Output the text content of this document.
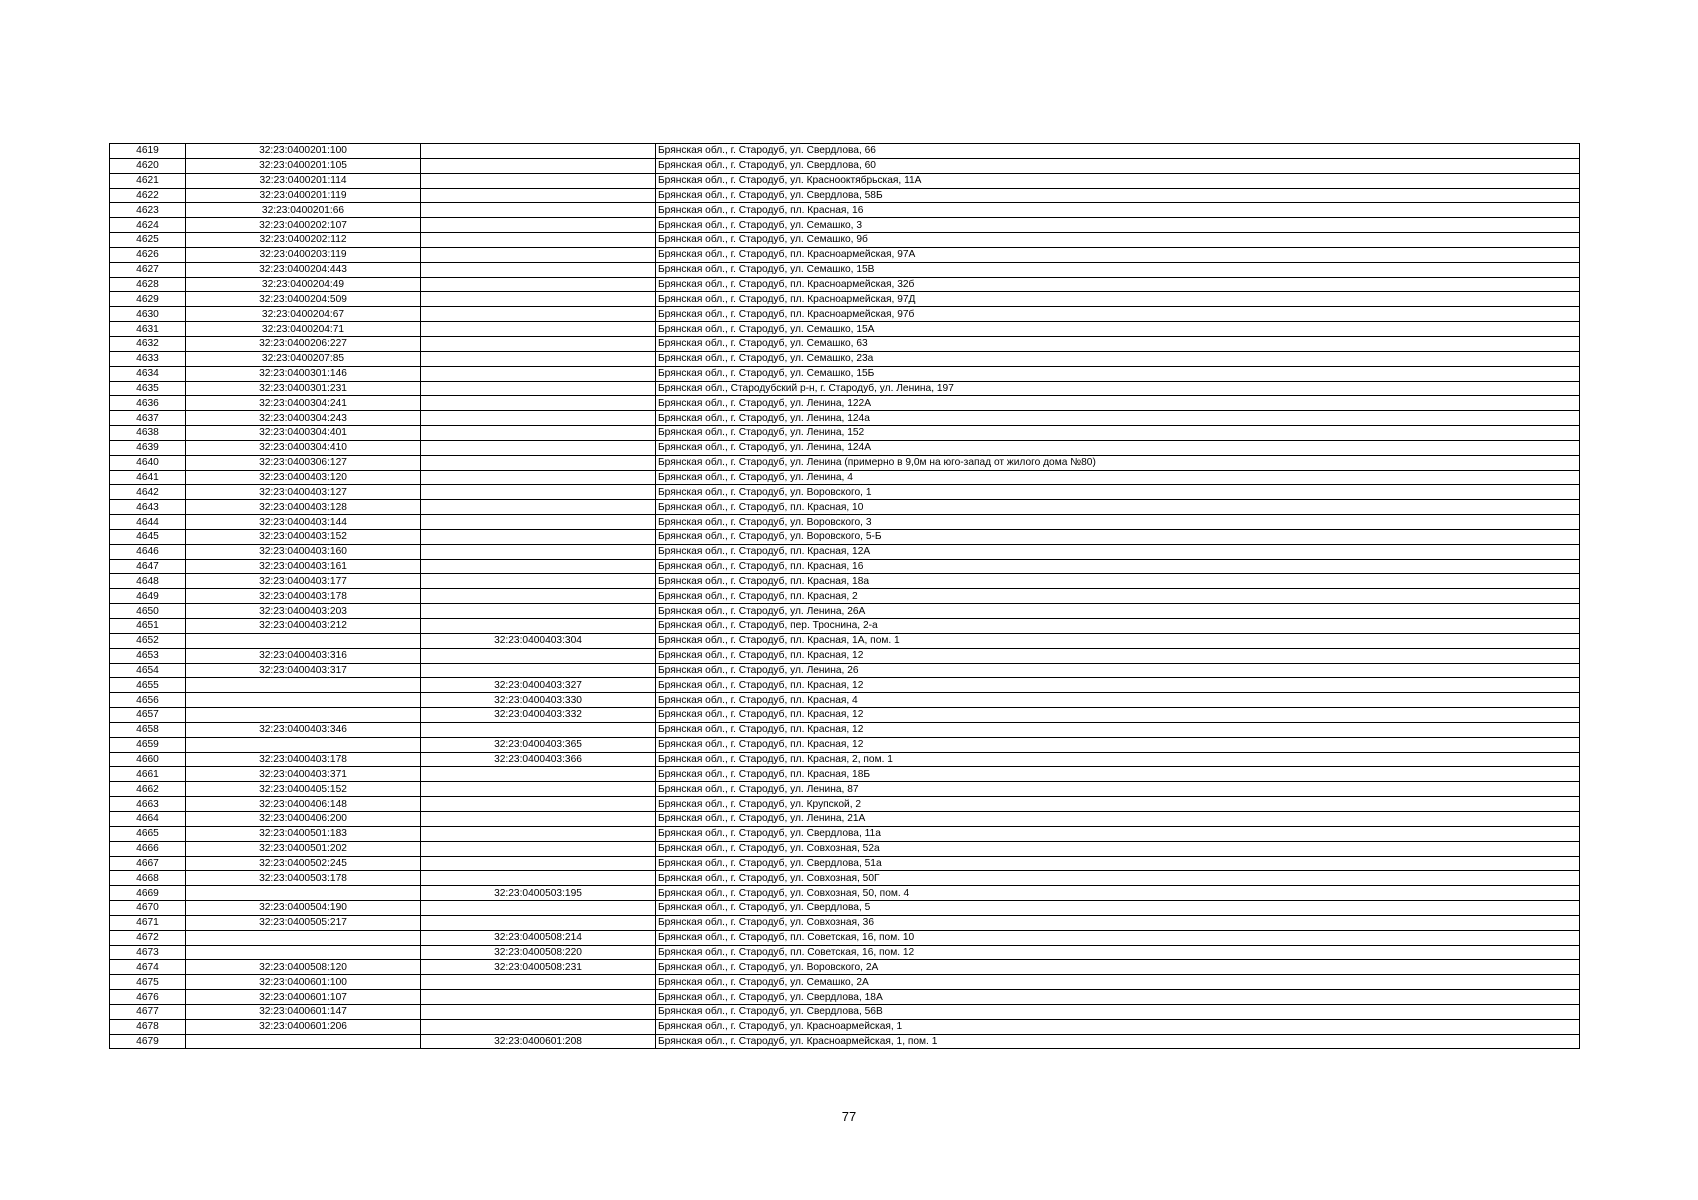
4619	32:23:0400201:100		Брянская обл., г. Стародуб, ул. Свердлова, 66
4620	32:23:0400201:105		Брянская обл., г. Стародуб, ул. Свердлова, 60
4621	32:23:0400201:114		Брянская обл., г. Стародуб, ул. Краснооктябрьская, 11А
4622	32:23:0400201:119		Брянская обл., г. Стародуб, ул. Свердлова, 58Б
4623	32:23:0400201:66		Брянская обл., г. Стародуб, пл. Красная, 16
4624	32:23:0400202:107		Брянская обл., г. Стародуб, ул. Семашко, 3
4625	32:23:0400202:112		Брянская обл., г. Стародуб, ул. Семашко, 9б
4626	32:23:0400203:119		Брянская обл., г. Стародуб, пл. Красноармейская, 97А
4627	32:23:0400204:443		Брянская обл., г. Стародуб, ул. Семашко, 15В
4628	32:23:0400204:49		Брянская обл., г. Стародуб, пл. Красноармейская, 32б
4629	32:23:0400204:509		Брянская обл., г. Стародуб, пл. Красноармейская, 97Д
4630	32:23:0400204:67		Брянская обл., г. Стародуб, пл. Красноармейская, 97б
4631	32:23:0400204:71		Брянская обл., г. Стародуб, ул. Семашко, 15А
4632	32:23:0400206:227		Брянская обл., г. Стародуб, ул. Семашко, 63
4633	32:23:0400207:85		Брянская обл., г. Стародуб, ул. Семашко, 23а
4634	32:23:0400301:146		Брянская обл., г. Стародуб, ул. Семашко, 15Б
4635	32:23:0400301:231		Брянская обл., Стародубский р-н, г. Стародуб, ул. Ленина, 197
4636	32:23:0400304:241		Брянская обл., г. Стародуб, ул. Ленина, 122А
4637	32:23:0400304:243		Брянская обл., г. Стародуб, ул. Ленина, 124а
4638	32:23:0400304:401		Брянская обл., г. Стародуб, ул. Ленина, 152
4639	32:23:0400304:410		Брянская обл., г. Стародуб, ул. Ленина, 124А
4640	32:23:0400306:127		Брянская обл., г. Стародуб, ул. Ленина (примерно в 9,0м на юго-запад от жилого дома №80)
4641	32:23:0400403:120		Брянская обл., г. Стародуб, ул. Ленина, 4
4642	32:23:0400403:127		Брянская обл., г. Стародуб, ул. Воровского, 1
4643	32:23:0400403:128		Брянская обл., г. Стародуб, пл. Красная, 10
4644	32:23:0400403:144		Брянская обл., г. Стародуб, ул. Воровского, 3
4645	32:23:0400403:152		Брянская обл., г. Стародуб, ул. Воровского, 5-Б
4646	32:23:0400403:160		Брянская обл., г. Стародуб, пл. Красная, 12А
4647	32:23:0400403:161		Брянская обл., г. Стародуб, пл. Красная, 16
4648	32:23:0400403:177		Брянская обл., г. Стародуб, пл. Красная, 18а
4649	32:23:0400403:178		Брянская обл., г. Стародуб, пл. Красная, 2
4650	32:23:0400403:203		Брянская обл., г. Стародуб, ул. Ленина, 26А
4651	32:23:0400403:212		Брянская обл., г. Стародуб, пер. Троснина, 2-а
4652		32:23:0400403:304	Брянская обл., г. Стародуб, пл. Красная, 1А, пом. 1
4653	32:23:0400403:316		Брянская обл., г. Стародуб, пл. Красная, 12
4654	32:23:0400403:317		Брянская обл., г. Стародуб, ул. Ленина, 26
4655		32:23:0400403:327	Брянская обл., г. Стародуб, пл. Красная, 12
4656		32:23:0400403:330	Брянская обл., г. Стародуб, пл. Красная, 4
4657		32:23:0400403:332	Брянская обл., г. Стародуб, пл. Красная, 12
4658	32:23:0400403:346		Брянская обл., г. Стародуб, пл. Красная, 12
4659		32:23:0400403:365	Брянская обл., г. Стародуб, пл. Красная, 12
4660	32:23:0400403:178	32:23:0400403:366	Брянская обл., г. Стародуб, пл. Красная, 2, пом. 1
4661	32:23:0400403:371		Брянская обл., г. Стародуб, пл. Красная, 18Б
4662	32:23:0400405:152		Брянская обл., г. Стародуб, ул. Ленина, 87
4663	32:23:0400406:148		Брянская обл., г. Стародуб, ул. Крупской, 2
4664	32:23:0400406:200		Брянская обл., г. Стародуб, ул. Ленина, 21А
4665	32:23:0400501:183		Брянская обл., г. Стародуб, ул. Свердлова, 11а
4666	32:23:0400501:202		Брянская обл., г. Стародуб, ул. Совхозная, 52а
4667	32:23:0400502:245		Брянская обл., г. Стародуб, ул. Свердлова, 51а
4668	32:23:0400503:178		Брянская обл., г. Стародуб, ул. Совхозная, 50Г
4669		32:23:0400503:195	Брянская обл., г. Стародуб, ул. Совхозная, 50, пом. 4
4670	32:23:0400504:190		Брянская обл., г. Стародуб, ул. Свердлова, 5
4671	32:23:0400505:217		Брянская обл., г. Стародуб, ул. Совхозная, 36
4672		32:23:0400508:214	Брянская обл., г. Стародуб, пл. Советская, 16, пом. 10
4673		32:23:0400508:220	Брянская обл., г. Стародуб, пл. Советская, 16, пом. 12
4674	32:23:0400508:120	32:23:0400508:231	Брянская обл., г. Стародуб, ул. Воровского, 2А
4675	32:23:0400601:100		Брянская обл., г. Стародуб, ул. Семашко, 2А
4676	32:23:0400601:107		Брянская обл., г. Стародуб, ул. Свердлова, 18А
4677	32:23:0400601:147		Брянская обл., г. Стародуб, ул. Свердлова, 56В
4678	32:23:0400601:206		Брянская обл., г. Стародуб, ул. Красноармейская, 1
4679		32:23:0400601:208	Брянская обл., г. Стародуб, ул. Красноармейская, 1, пом. 1
77
